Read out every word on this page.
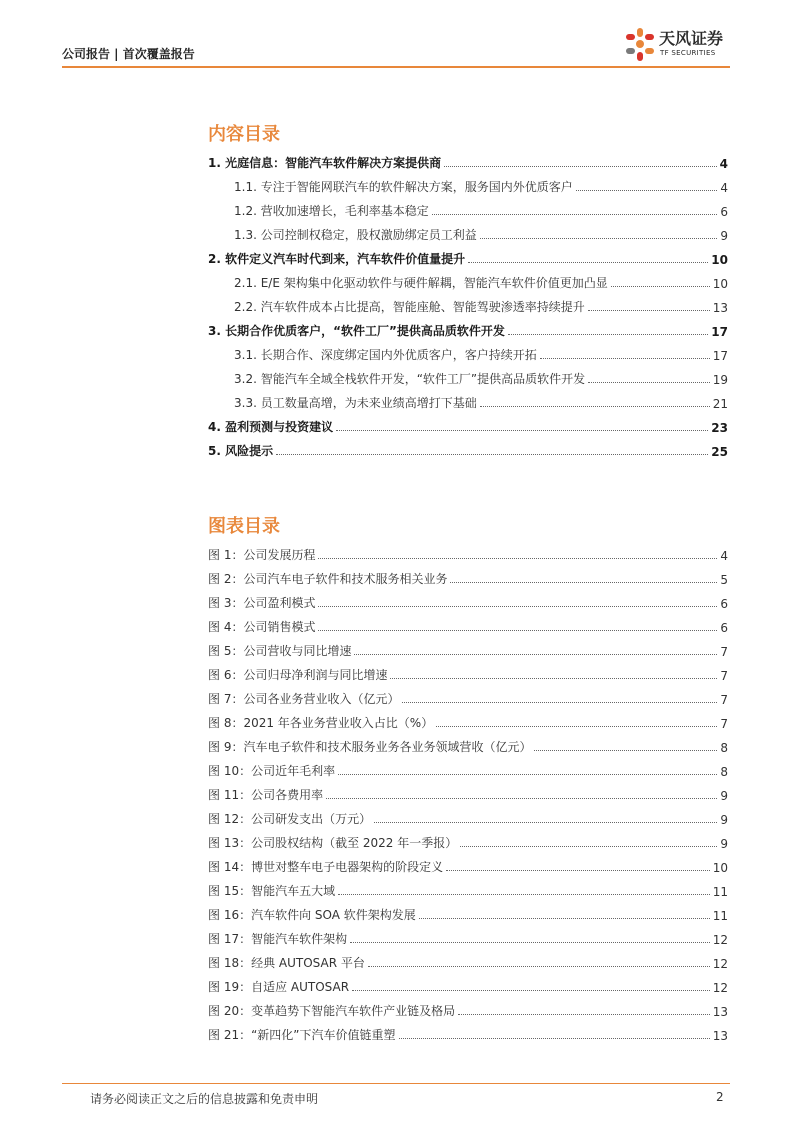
公司报告 | 首次覆盖报告
天风证券
TF SECURITIES
内容目录
1. 光庭信息：智能汽车软件解决方案提供商	4
1.1. 专注于智能网联汽车的软件解决方案，服务国内外优质客户	4
1.2. 营收加速增长，毛利率基本稳定	6
1.3. 公司控制权稳定，股权激励绑定员工利益	9
2. 软件定义汽车时代到来，汽车软件价值量提升	10
2.1. E/E 架构集中化驱动软件与硬件解耦，智能汽车软件价值更加凸显	10
2.2. 汽车软件成本占比提高，智能座舱、智能驾驶渗透率持续提升	13
3. 长期合作优质客户，“软件工厂”提供高品质软件开发	17
3.1. 长期合作、深度绑定国内外优质客户，客户持续开拓	17
3.2. 智能汽车全域全栈软件开发，“软件工厂”提供高品质软件开发	19
3.3. 员工数量高增，为未来业绩高增打下基础	21
4. 盈利预测与投资建议	23
5. 风险提示	25
图表目录
图 1：公司发展历程	4
图 2：公司汽车电子软件和技术服务相关业务	5
图 3：公司盈利模式	6
图 4：公司销售模式	6
图 5：公司营收与同比增速	7
图 6：公司归母净利润与同比增速	7
图 7：公司各业务营业收入（亿元）	7
图 8：2021 年各业务营业收入占比（%）	7
图 9：汽车电子软件和技术服务业务各业务领域营收（亿元）	8
图 10：公司近年毛利率	8
图 11：公司各费用率	9
图 12：公司研发支出（万元）	9
图 13：公司股权结构（截至 2022 年一季报）	9
图 14：博世对整车电子电器架构的阶段定义	10
图 15：智能汽车五大域	11
图 16：汽车软件向 SOA 软件架构发展	11
图 17：智能汽车软件架构	12
图 18：经典 AUTOSAR 平台	12
图 19：自适应 AUTOSAR	12
图 20：变革趋势下智能汽车软件产业链及格局	13
图 21：“新四化”下汽车价值链重塑	13
请务必阅读正文之后的信息披露和免责申明	2
